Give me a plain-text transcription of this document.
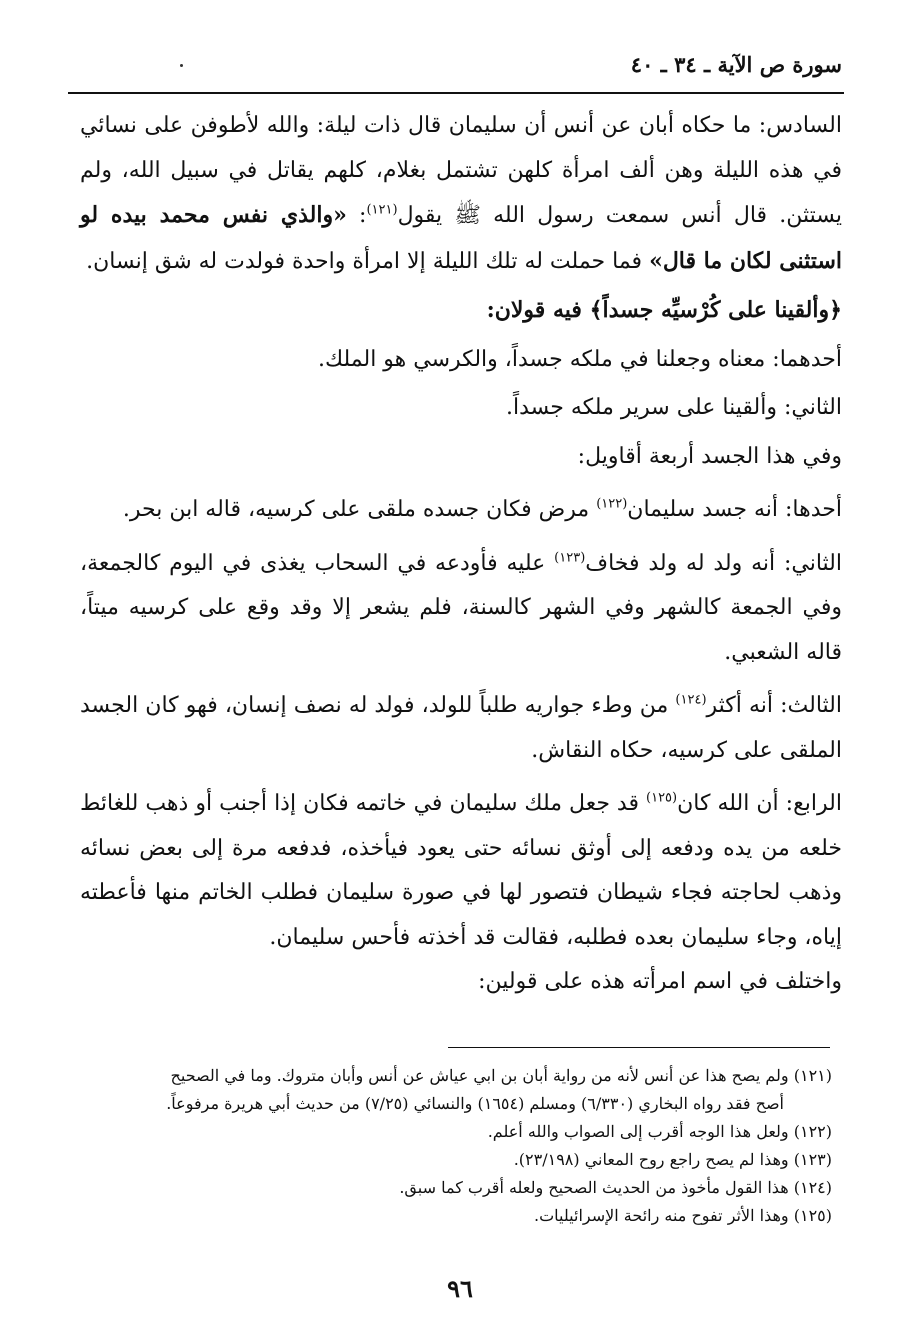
سورة ص الآية ـ ٣٤ ـ ٤٠

السادس: ما حكاه أبان عن أنس أن سليمان قال ذات ليلة: والله لأطوفن على نسائي في هذه الليلة وهن ألف امرأة كلهن تشتمل بغلام، كلهم يقاتل في سبيل الله، ولم يستثن. قال أنس سمعت رسول الله ﷺ يقول$^{(١٢١)}$: «والذي نفس محمد بيده لو استثنى لكان ما قال» فما حملت له تلك الليلة إلا امرأة واحدة فولدت له شق إنسان.

﴿وألقينا على كُرْسيِّه جسداً﴾ فيه قولان:

أحدهما: معناه وجعلنا في ملكه جسداً، والكرسي هو الملك.

الثاني: وألقينا على سرير ملكه جسداً.

وفي هذا الجسد أربعة أقاويل:

أحدها: أنه جسد سليمان$^{(١٢٢)}$ مرض فكان جسده ملقى على كرسيه، قاله ابن بحر.

الثاني: أنه ولد له ولد فخاف$^{(١٢٣)}$ عليه فأودعه في السحاب يغذى في اليوم كالجمعة، وفي الجمعة كالشهر وفي الشهر كالسنة، فلم يشعر إلا وقد وقع على كرسيه ميتاً، قاله الشعبي.

الثالث: أنه أكثر$^{(١٢٤)}$ من وطء جواريه طلباً للولد، فولد له نصف إنسان، فهو كان الجسد الملقى على كرسيه، حكاه النقاش.

الرابع: أن الله كان$^{(١٢٥)}$ قد جعل ملك سليمان في خاتمه فكان إذا أجنب أو ذهب للغائط خلعه من يده ودفعه إلى أوثق نسائه حتى يعود فيأخذه، فدفعه مرة إلى بعض نسائه وذهب لحاجته فجاء شيطان فتصور لها في صورة سليمان فطلب الخاتم منها فأعطته إياه، وجاء سليمان بعده فطلبه، فقالت قد أخذته فأحس سليمان.

واختلف في اسم امرأته هذه على قولين:

(١٢١) ولم يصح هذا عن أنس لأنه من رواية أبان بن ابي عياش عن أنس وأبان متروك. وما في الصحيح

أصح فقد رواه البخاري (٦/٣٣٠) ومسلم (١٦٥٤) والنسائي (٧/٢٥) من حديث أبي هريرة مرفوعاً.

(١٢٢) ولعل هذا الوجه أقرب إلى الصواب والله أعلم.

(١٢٣) وهذا لم يصح راجع روح المعاني (٢٣/١٩٨).

(١٢٤) هذا القول مأخوذ من الحديث الصحيح ولعله أقرب كما سبق.

(١٢٥) وهذا الأثر تفوح منه رائحة الإسرائيليات.

٩٦
